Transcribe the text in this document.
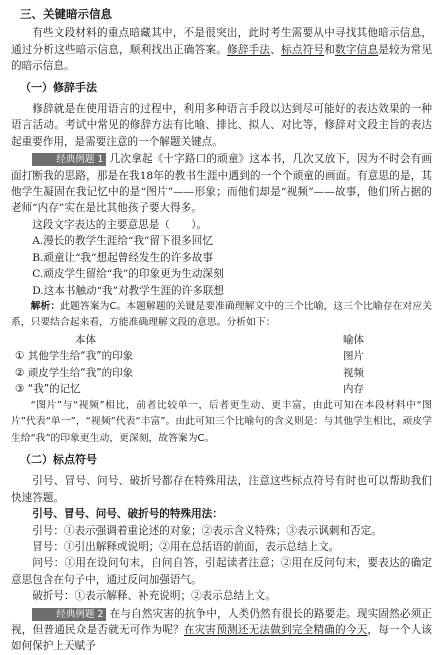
三、关键暗示信息

有些文段材料的重点暗藏其中，不是很突出，此时考生需要从中寻找其他暗示信息，通过分析这些暗示信息，顺利找出正确答案。修辞手法、标点符号和数字信息是较为常见的暗示信息。

（一）修辞手法

修辞就是在使用语言的过程中，利用多种语言手段以达到尽可能好的表达效果的一种语言活动。考试中常见的修辞方法有比喻、排比、拟人、对比等，修辞对文段主旨的表达起重要作用，是需要注意的一个解题关键点。

经典例题 1 几次拿起《十字路口的顽童》这本书，几次又放下，因为不时会有画面打断我的思路，那是在我18年的教书生涯中遇到的一个个顽童的画面。有意思的是，其他学生凝固在我记忆中的是“图片”——形象；而他们却是“视频”——故事，他们所占据的老师“内存”实在是比其他孩子要大得多。

这段文字表达的主要意思是（　　）。

A.漫长的教学生涯给“我”留下很多回忆

B.顽童让“我”想起曾经发生的许多故事

C.顽皮学生留给“我”的印象更为生动深刻

D.这本书触动“我”对教学生涯的许多联想

解析：此题答案为C。本题解题的关键是要准确理解文中的三个比喻，这三个比喻存在对应关系，只要结合起来看，方能准确理解文段的意思。分析如下：

本体	喻体
① 其他学生给“我”的印象	图片
② 顽皮学生给“我”的印象	视频
③ “我”的记忆	内存

“图片”与“视频”相比，前者比较单一，后者更生动、更丰富，由此可知在本段材料中“图片”代表“单一”，“视频”代表“丰富”。由此可知三个比喻句的含义则是：与其他学生相比，顽皮学生给“我”的印象更生动，更深刻，故答案为C。

（二）标点符号

引号、冒号、问号、破折号都存在特殊用法，注意这些标点符号有时也可以帮助我们快速答题。

引号、冒号、问号、破折号的特殊用法：

引号：①表示强调着重论述的对象；②表示含义特殊；③表示讽刺和否定。

冒号：①引出解释或说明；②用在总括语的前面，表示总结上文。

问号：①用在设问句末，自问自答，引起读者注意；②用在反问句末，要表达的确定意思包含在句子中，通过反问加强语气。

破折号：①表示解释、补充说明；②表示总结上文。

经典例题 2 在与自然灾害的抗争中，人类仍然有很长的路要走。现实固然必须正视，但普通民众是否就无可作为呢？在灾害预测还无法做到完全精确的今天，每一个人该如何保护上天赋予
